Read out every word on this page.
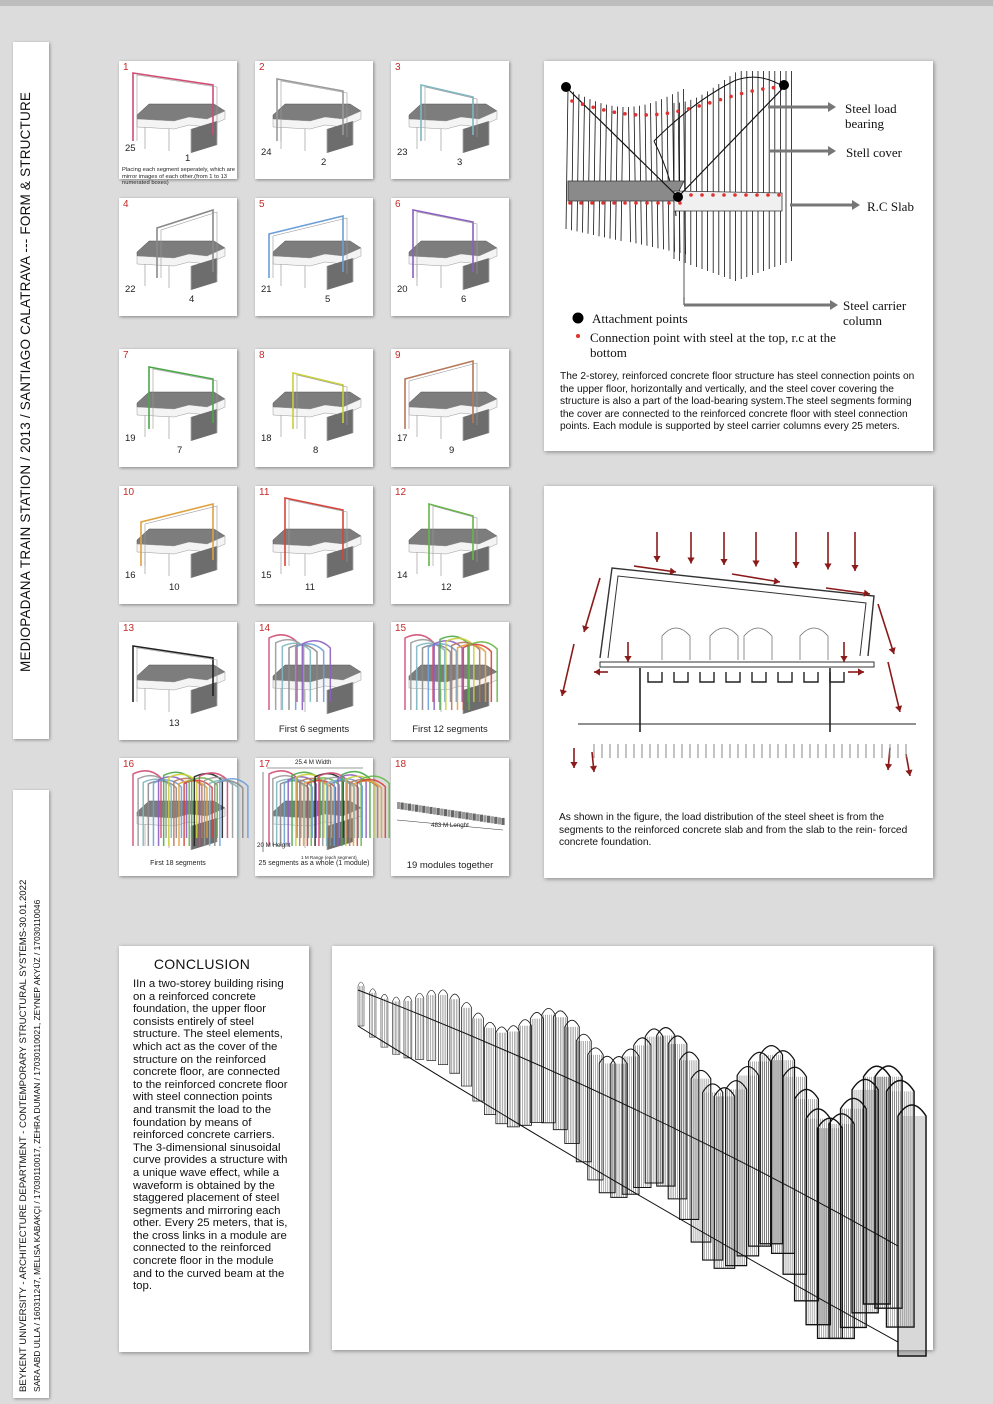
MEDIOPADANA TRAIN STATION / 2013 / SANTIAGO CALATRAVA --- FORM & STRUCTURE
BEYKENT UNIVERSITY - ARCHITECTURE DEPARTMENT - CONTEMPORARY STRUCTURAL SYSTEMS-30.01.2022 SARA ABD ULLA / 160311247, MELISA KABAKÇI / 17030110017, ZEHRA DUMAN / 17030110021, ZEYNEP AKYÜZ / 17030110046
1
25
1
Placing each segment seperately, which are mirror images of each other.(from 1 to 13 numerated boxes)
2
24
2
3
23
3
4
22
4
5
21
5
6
20
6
7
19
7
8
18
8
9
17
9
10
16
10
11
15
11
12
14
12
13
13
14
First 6 segments
15
First 12 segments
16
First 18 segments
17
25 segments as a whole (1 module)
25.4 M Width
20 M Height
1 M Range (each segment)
18
19 modules together
483 M Lenght
Steel load bearing
Stell cover
R.C Slab
Steel carrier column
Attachment points
Connection point with steel at the top, r.c at the bottom
The 2-storey, reinforced concrete floor structure has steel connection points on the upper floor, horizontally and vertically, and the steel cover covering the structure is also a part of the load-bearing system.The steel segments forming the cover are connected to the reinforced concrete floor with steel connection points. Each module is supported by steel carrier columns every 25 meters.
As shown in the figure, the load distribution of the steel sheet is from the segments to the reinforced concrete slab and from the slab to the rein- forced concrete foundation.
CONCLUSION
IIn a two-storey building rising on a reinforced concrete foundation, the upper floor consists entirely of steel structure. The steel elements, which act as the cover of the structure on the reinforced concrete floor, are connected to the reinforced concrete floor with steel connection points and transmit the load to the foundation by means of reinforced concrete carriers. The 3-dimensional sinusoidal curve provides a structure with a unique wave effect, while a waveform is obtained by the staggered placement of steel segments and mirroring each other. Every 25 meters, that is, the cross links in a module are connected to the reinforced concrete floor in the module and to the curved beam at the top.
